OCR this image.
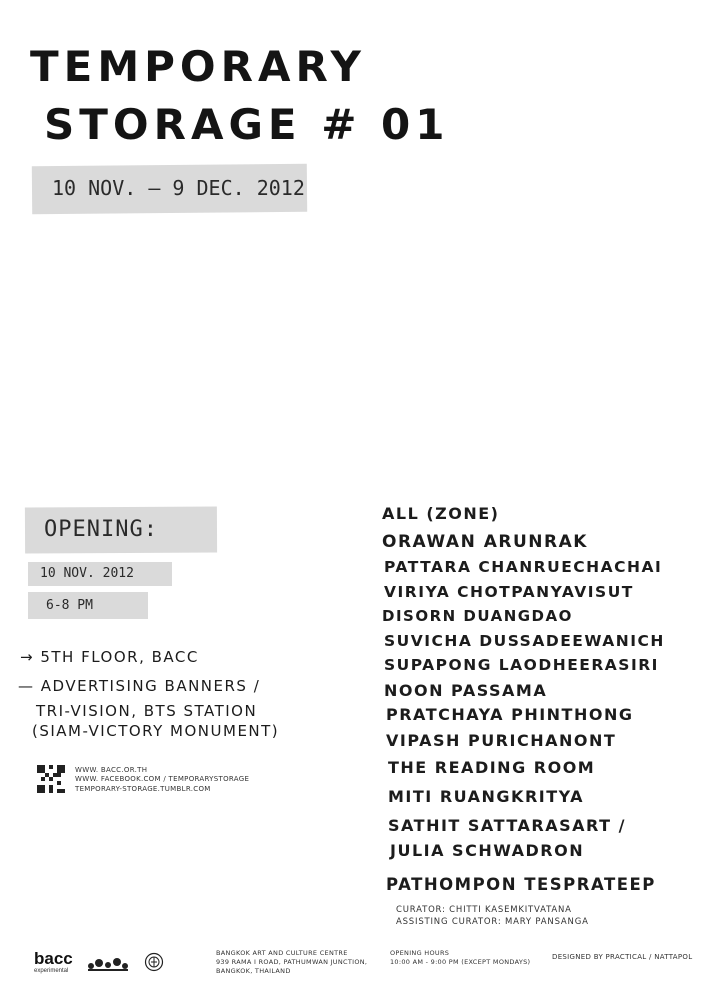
TEMPORARY
STORAGE # 01
10 NOV. — 9 DEC. 2012
OPENING:
10 NOV. 2012
6-8 PM
→ 5TH FLOOR, BACC
— ADVERTISING BANNERS /
TRI-VISION, BTS STATION
(SIAM-VICTORY MONUMENT)
WWW. BACC.OR.TH
WWW. FACEBOOK.COM / TEMPORARYSTORAGE
TEMPORARY-STORAGE.TUMBLR.COM
ALL (ZONE)
ORAWAN ARUNRAK
PATTARA CHANRUECHACHAI
VIRIYA CHOTPANYAVISUT
DISORN DUANGDAO
SUVICHA DUSSADEEWANICH
SUPAPONG LAODHEERASIRI
NOON PASSAMA
PRATCHAYA PHINTHONG
VIPASH PURICHANONT
THE READING ROOM
MITI RUANGKRITYA
SATHIT SATTARASART /
JULIA SCHWADRON
PATHOMPON TESPRATEEP
CURATOR: CHITTI KASEMKITVATANA
ASSISTING CURATOR: MARY PANSANGA
bacc
experimental
BANGKOK ART AND CULTURE CENTRE
939 RAMA I ROAD, PATHUMWAN JUNCTION,
BANGKOK, THAILAND
OPENING HOURS
10:00 AM - 9:00 PM (EXCEPT MONDAYS)
DESIGNED BY PRACTICAL / NATTAPOL
